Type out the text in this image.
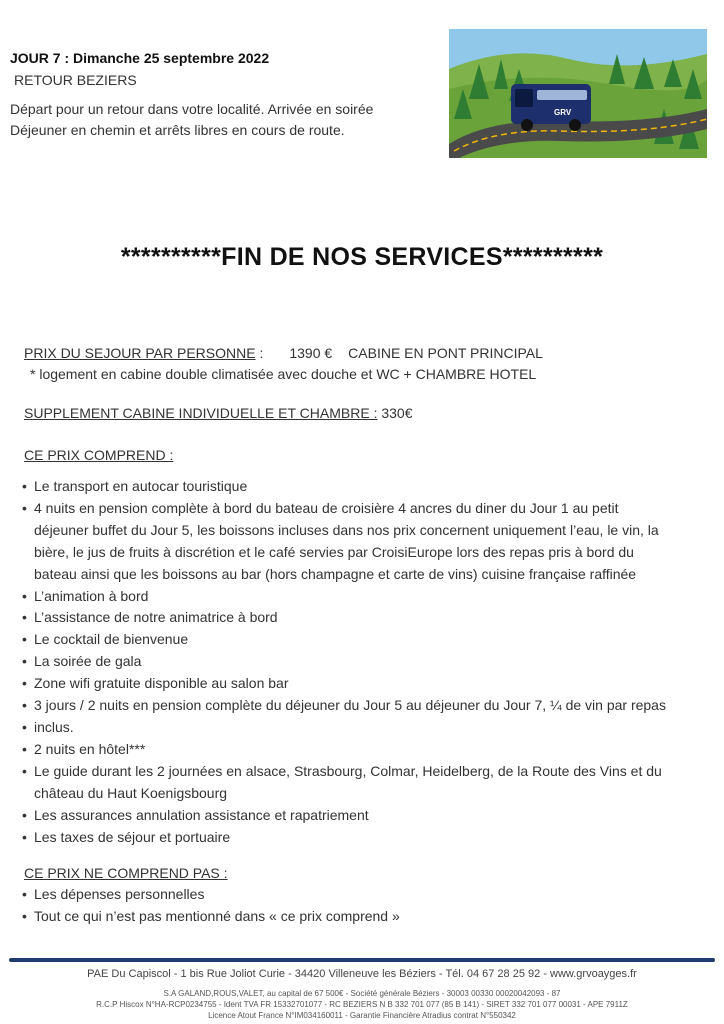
JOUR 7 : Dimanche 25 septembre 2022
RETOUR BEZIERS
Départ pour un retour dans votre localité. Arrivée en soirée
Déjeuner en chemin et arrêts libres en cours de route.
GRV
**********FIN DE NOS SERVICES**********
PRIX DU SEJOUR PAR PERSONNE : 1390 € CABINE EN PONT PRINCIPAL
* logement en cabine double climatisée avec douche et WC + CHAMBRE HOTEL
SUPPLEMENT CABINE INDIVIDUELLE ET CHAMBRE : 330€
CE PRIX COMPREND :
• Le transport en autocar touristique
• 4 nuits en pension complète à bord du bateau de croisière 4 ancres du diner du Jour 1 au petit
déjeuner buffet du Jour 5, les boissons incluses dans nos prix concernent uniquement l’eau, le vin, la
bière, le jus de fruits à discrétion et le café servies par CroisiEurope lors des repas pris à bord du
bateau ainsi que les boissons au bar (hors champagne et carte de vins) cuisine française raffinée
• L’animation à bord
• L’assistance de notre animatrice à bord
• Le cocktail de bienvenue
• La soirée de gala
• Zone wifi gratuite disponible au salon bar
• 3 jours / 2 nuits en pension complète du déjeuner du Jour 5 au déjeuner du Jour 7, ¼ de vin par repas
• inclus.
• 2 nuits en hôtel***
• Le guide durant les 2 journées en alsace, Strasbourg, Colmar, Heidelberg, de la Route des Vins et du
château du Haut Koenigsbourg
• Les assurances annulation assistance et rapatriement
• Les taxes de séjour et portuaire
CE PRIX NE COMPREND PAS :
• Les dépenses personnelles
• Tout ce qui n’est pas mentionné dans « ce prix comprend »
PAE Du Capiscol - 1 bis Rue Joliot Curie - 34420 Villeneuve les Béziers - Tél. 04 67 28 25 92 - www.grvoayges.fr
S.A GALAND,ROUS,VALET, au capital de 67 500€ - Société générale Béziers - 30003 00330 00020042093 - 87
R.C.P Hiscox N°HA-RCP0234755 - Ident TVA FR 15332701077 - RC BEZIERS N B 332 701 077 (85 B 141) - SIRET 332 701 077 00031 - APE 7911Z
Licence Atout France N°IM034160011 - Garantie Financière Atradius contrat N°550342
